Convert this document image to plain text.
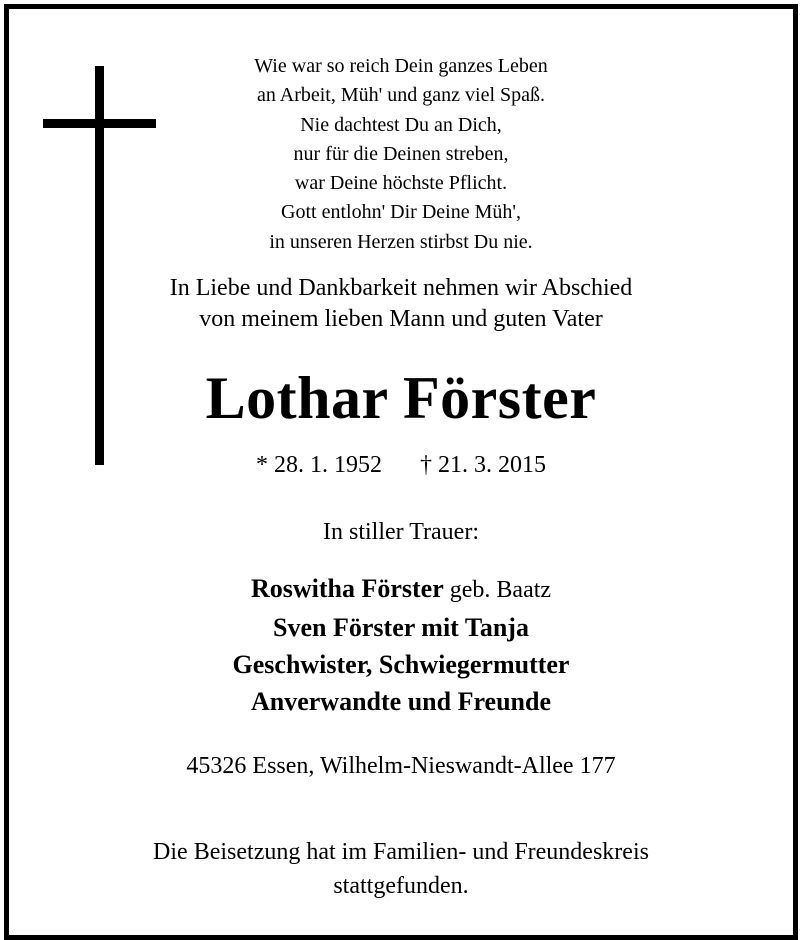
Wie war so reich Dein ganzes Leben
an Arbeit, Müh' und ganz viel Spaß.
Nie dachtest Du an Dich,
nur für die Deinen streben,
war Deine höchste Pflicht.
Gott entlohn' Dir Deine Müh',
in unseren Herzen stirbst Du nie.
In Liebe und Dankbarkeit nehmen wir Abschied
von meinem lieben Mann und guten Vater
Lothar Förster
* 28. 1. 1952 † 21. 3. 2015
In stiller Trauer:
Roswitha Förster geb. Baatz
Sven Förster mit Tanja
Geschwister, Schwiegermutter
Anverwandte und Freunde
45326 Essen, Wilhelm-Nieswandt-Allee 177
Die Beisetzung hat im Familien- und Freundeskreis
stattgefunden.
